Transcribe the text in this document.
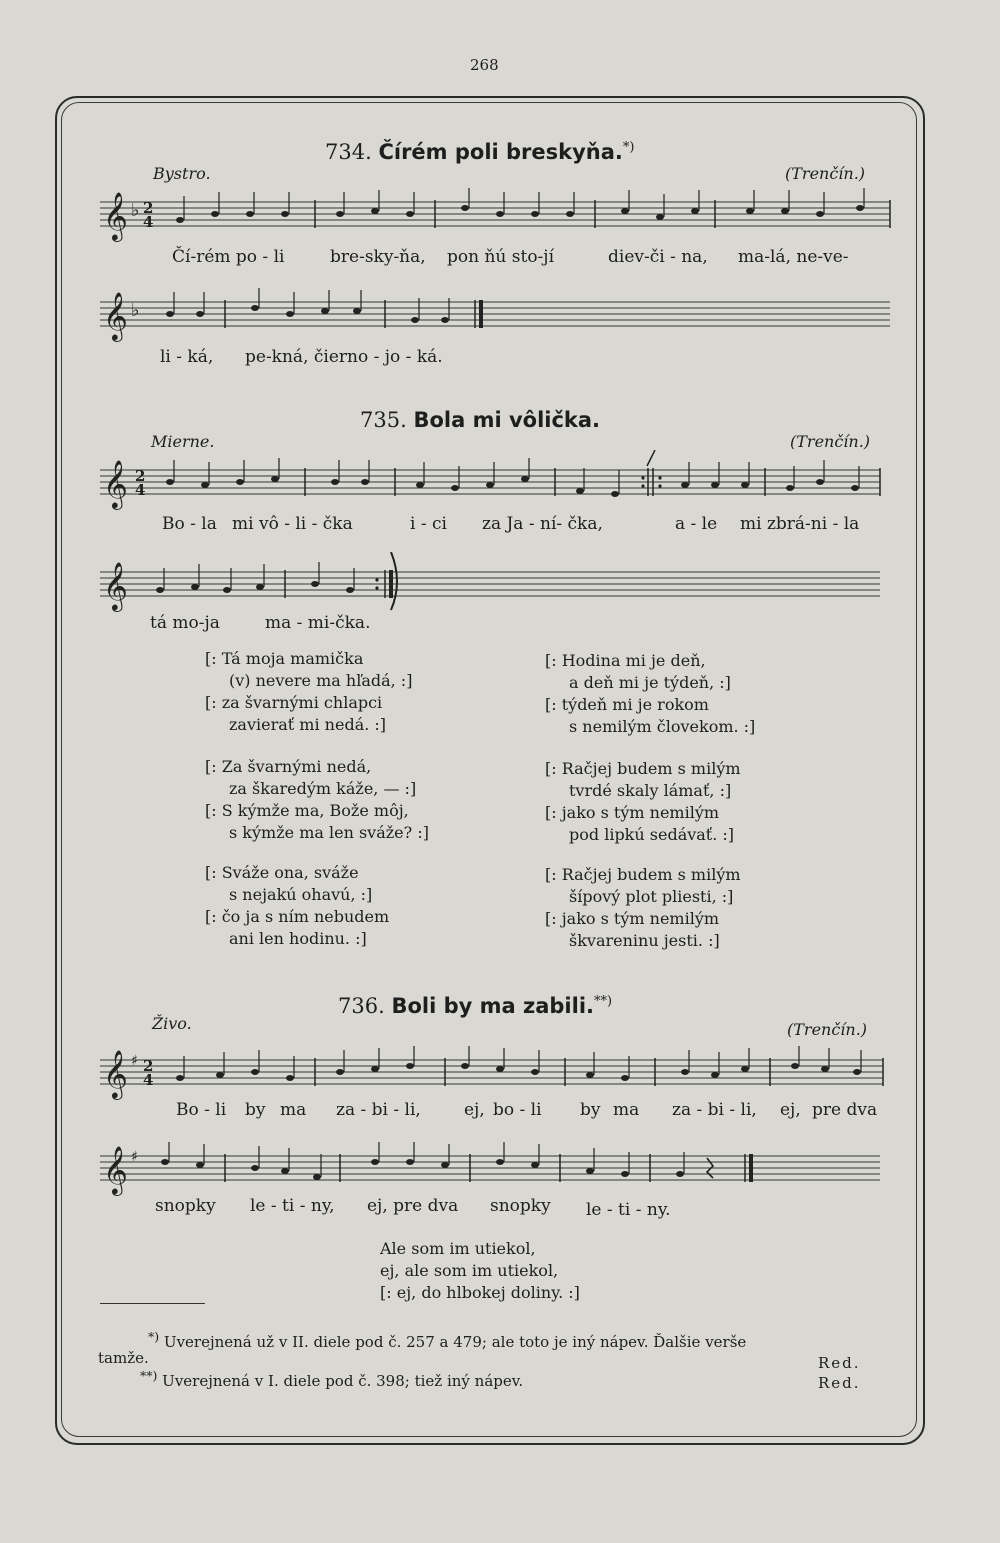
268
734. Čírém poli breskyňa.*)
Bystro.	(Trenčín.)
𝄞 ♭ 2
4
Čí-rém po - li	bre-sky-ňa, pon ňú sto-jí	diev-či - na, ma-lá, ne-ve-
𝄞 ♭
li - ká, pe-kná, čierno - jo - ká.
735. Bola mi vôlička.
Mierne.	(Trenčín.)
𝄞 2
4
Bo - la mi vô - li - čka	i - ci za Ja - ní- čka,	a - le mi zbrá-ni - la
𝄞
tá mo-ja	ma - mi-čka.
[: Tá moja mamička
(v) nevere ma hľadá, :]
[: za švarnými chlapci
zavierať mi nedá. :]
[: Za švarnými nedá,
za škaredým káže, — :]
[: S kýmže ma, Bože môj,
s kýmže ma len sváže? :]
[: Sváže ona, sváže
s nejakú ohavú, :]
[: čo ja s ním nebudem
ani len hodinu. :]
[: Hodina mi je deň,
a deň mi je týdeň, :]
[: týdeň mi je rokom
s nemilým človekom. :]
[: Račjej budem s milým
tvrdé skaly lámať, :]
[: jako s tým nemilým
pod lipkú sedávať. :]
[: Račjej budem s milým
šípový plot pliesti, :]
[: jako s tým nemilým
škvareninu jesti. :]
736. Boli by ma zabili.**)
Živo.	(Trenčín.)
𝄞 ♯ 2
4
Bo - li by ma za - bi - li,	ej, bo - li by ma za - bi - li, ej, pre dva
𝄞 ♯
snopky le - ti - ny, ej, pre dva snopky le - ti - ny.
Ale som im utiekol,
ej, ale som im utiekol,
[: ej, do hlbokej doliny. :]
*) Uverejnená už v II. diele pod č. 257 a 479; ale toto je iný nápev. Ďalšie verše
tamže.	Red.
**) Uverejnená v I. diele pod č. 398; tiež iný nápev.	Red.
